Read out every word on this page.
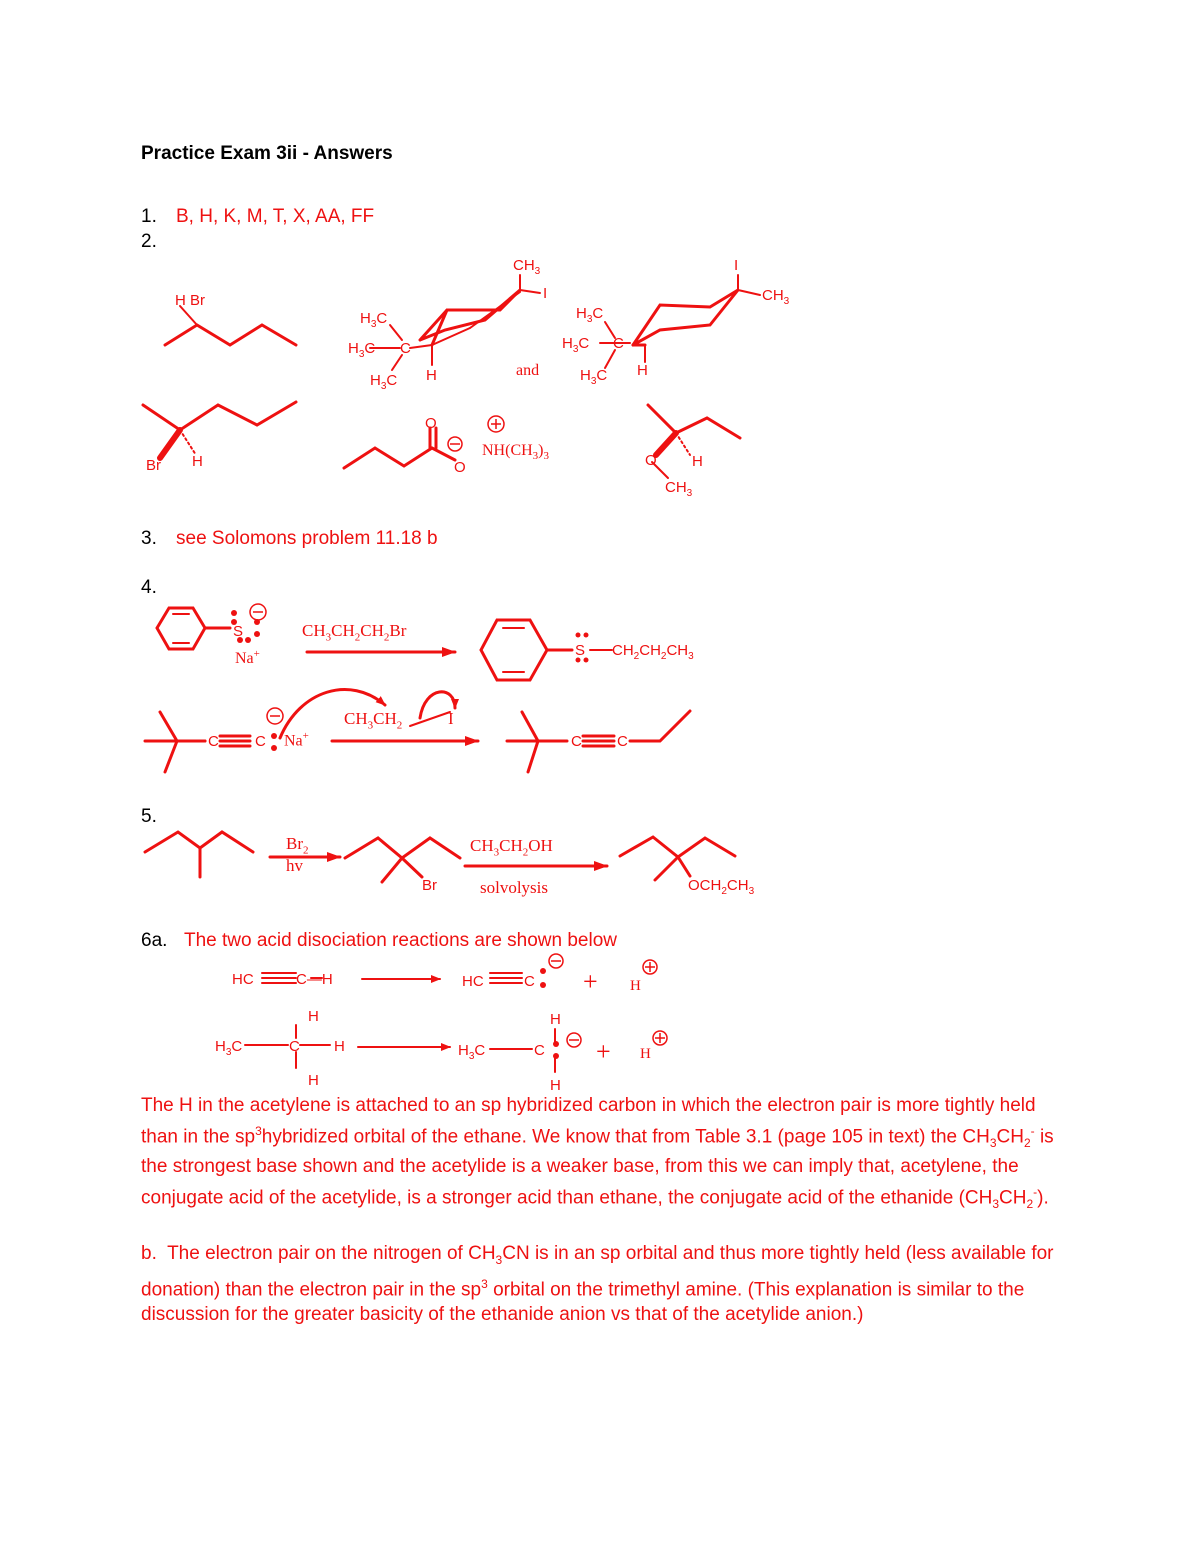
Practice Exam 3ii - Answers
1. B, H, K, M, T, X, AA, FF
2.
3. see Solomons problem 11.18 b
4.
5.
6a. The two acid disociation reactions are shown below
The H in the acetylene is attached to an sp hybridized carbon in which the electron pair is more tightly held than in the $sp^3hybridized$ orbital of the ethane. We know that from Table 3.1 (page 105 in text) the $CH_3CH_2^-$ is the strongest base shown and the acetylide is a weaker base, from this we can imply that, acetylene, the conjugate acid of the acetylide, is a stronger acid than ethane, the conjugate acid of the ethanide $(CH_3CH_2^-)$.
b. The electron pair on the nitrogen of $CH_3CN$ is in an sp orbital and thus more tightly held (less available for donation) than the electron pair in the $sp^3$ orbital on the trimethyl amine. (This explanation is similar to the discussion for the greater basicity of the ethanide anion vs that of the acetylide anion.)
H Br
Br H
$CH_3$
I
$H_3C$
$H_3C$ C
$H_3C$ H
$H_3C$
$H_3C$ C
$H_3C$ H
I
$CH_3$
O
O
$NH(CH_3)_3$	O H
$CH_3$
S
Na+	S $CH_2CH_2CH_3$
C C	C C
Br	$OCH_2CH_3$
HC	C—H	HC	C	H
H
$H_3C$	C H
H
H
$H_3C$	C
H
H
+
+
and
$CH_3CH_2CH_2Br$
$CH_3CH_2$	I
Na+
$Br_2$
hv
$CH_3CH_2OH$
solvolysis
